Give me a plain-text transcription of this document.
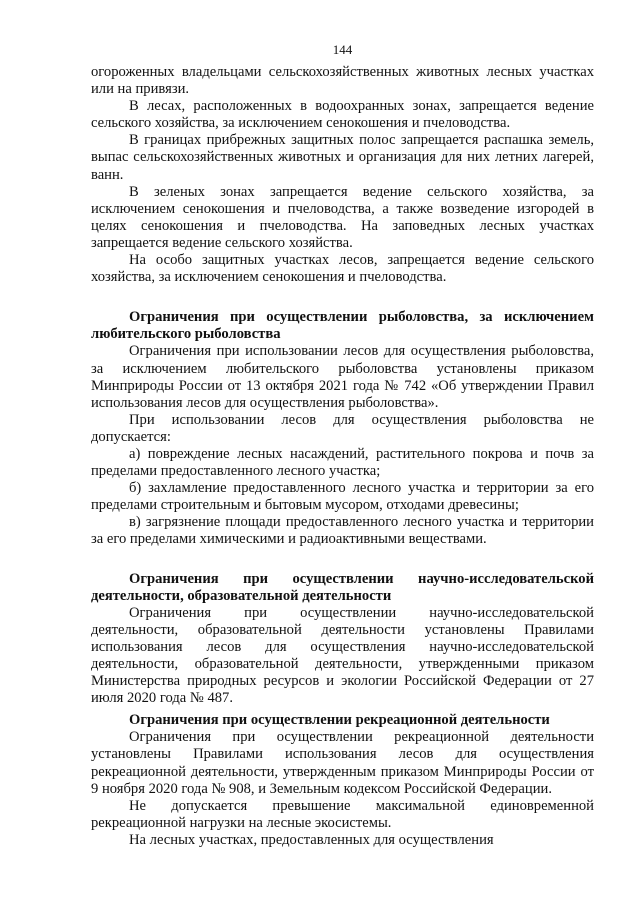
144

огороженных владельцами сельскохозяйственных животных лесных участках или на привязи.

В лесах, расположенных в водоохранных зонах, запрещается ведение сельского хозяйства, за исключением сенокошения и пчеловодства.

В границах прибрежных защитных полос запрещается распашка земель, выпас сельскохозяйственных животных и организация для них летних лагерей, ванн.

В зеленых зонах запрещается ведение сельского хозяйства, за исключением сенокошения и пчеловодства, а также возведение изгородей в целях сенокошения и пчеловодства. На заповедных лесных участках запрещается ведение сельского хозяйства.

На особо защитных участках лесов, запрещается ведение сельского хозяйства, за исключением сенокошения и пчеловодства.

Ограничения при осуществлении рыболовства, за исключением любительского рыболовства

Ограничения при использовании лесов для осуществления рыболовства, за исключением любительского рыболовства установлены приказом Минприроды России от 13 октября 2021 года № 742 «Об утверждении Правил использования лесов для осуществления рыболовства».

При использовании лесов для осуществления рыболовства не допускается:

а) повреждение лесных насаждений, растительного покрова и почв за пределами предоставленного лесного участка;

б) захламление предоставленного лесного участка и территории за его пределами строительным и бытовым мусором, отходами древесины;

в) загрязнение площади предоставленного лесного участка и территории за его пределами химическими и радиоактивными веществами.

Ограничения при осуществлении научно-исследовательской деятельности, образовательной деятельности

Ограничения при осуществлении научно-исследовательской деятельности, образовательной деятельности установлены Правилами использования лесов для осуществления научно-исследовательской деятельности, образовательной деятельности, утвержденными приказом Министерства природных ресурсов и экологии Российской Федерации от 27 июля 2020 года № 487.

Ограничения при осуществлении рекреационной деятельности

Ограничения при осуществлении рекреационной деятельности установлены Правилами использования лесов для осуществления рекреационной деятельности, утвержденным приказом Минприроды России от 9 ноября 2020 года № 908, и Земельным кодексом Российской Федерации.

Не допускается превышение максимальной единовременной рекреационной нагрузки на лесные экосистемы.

На лесных участках, предоставленных для осуществления
